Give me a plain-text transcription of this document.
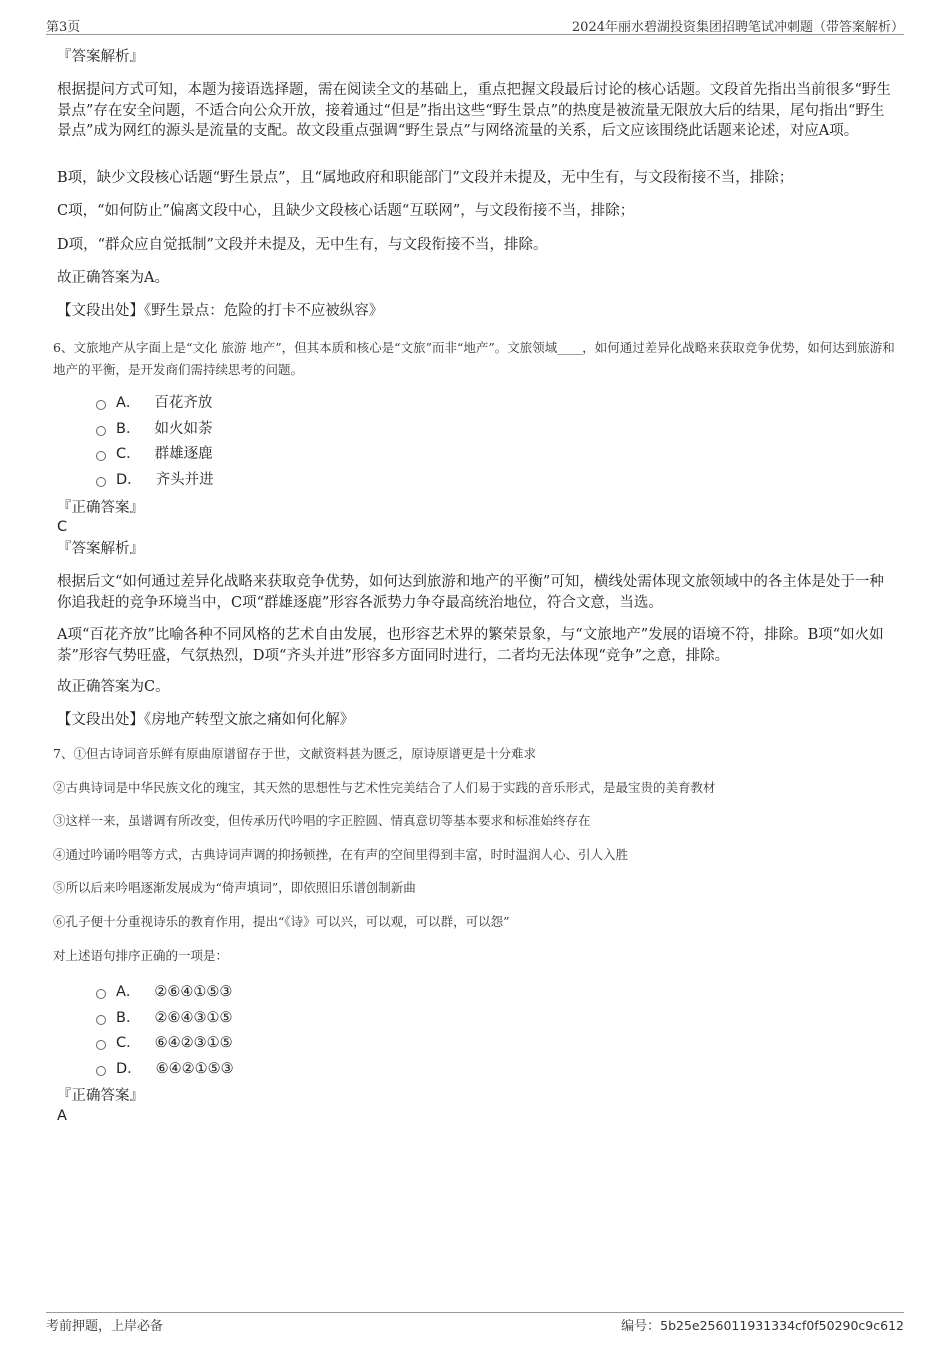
第3页	2024年丽水碧湖投资集团招聘笔试冲刺题（带答案解析）
『答案解析』
根据提问方式可知，本题为接语选择题，需在阅读全文的基础上，重点把握文段最后讨论的核心话题。文段首先指出当前很多“野生景点”存在安全问题，不适合向公众开放，接着通过“但是”指出这些“野生景点”的热度是被流量无限放大后的结果，尾句指出“野生景点”成为网红的源头是流量的支配。故文段重点强调“野生景点”与网络流量的关系，后文应该围绕此话题来论述，对应A项。
B项，缺少文段核心话题“野生景点”，且“属地政府和职能部门”文段并未提及，无中生有，与文段衔接不当，排除；
C项，“如何防止”偏离文段中心，且缺少文段核心话题“互联网”，与文段衔接不当，排除；
D项，“群众应自觉抵制”文段并未提及，无中生有，与文段衔接不当，排除。
故正确答案为A。
【文段出处】《野生景点：危险的打卡不应被纵容》
6、文旅地产从字面上是“文化 旅游 地产”，但其本质和核心是“文旅”而非“地产”。文旅领域____，如何通过差异化战略来获取竞争优势，如何达到旅游和地产的平衡，是开发商们需持续思考的问题。
A． 百花齐放
B． 如火如荼
C． 群雄逐鹿
D． 齐头并进
『正确答案』
C
『答案解析』
根据后文“如何通过差异化战略来获取竞争优势，如何达到旅游和地产的平衡”可知，横线处需体现文旅领域中的各主体是处于一种你追我赶的竞争环境当中，C项“群雄逐鹿”形容各派势力争夺最高统治地位，符合文意，当选。
A项“百花齐放”比喻各种不同风格的艺术自由发展，也形容艺术界的繁荣景象，与“文旅地产”发展的语境不符，排除。B项“如火如荼”形容气势旺盛，气氛热烈，D项“齐头并进”形容多方面同时进行，二者均无法体现“竞争”之意，排除。
故正确答案为C。
【文段出处】《房地产转型文旅之痛如何化解》
7、①但古诗词音乐鲜有原曲原谱留存于世，文献资料甚为匮乏，原诗原谱更是十分难求
②古典诗词是中华民族文化的瑰宝，其天然的思想性与艺术性完美结合了人们易于实践的音乐形式，是最宝贵的美育教材
③这样一来，虽谱调有所改变，但传承历代吟唱的字正腔圆、情真意切等基本要求和标准始终存在
④通过吟诵吟唱等方式，古典诗词声调的抑扬顿挫，在有声的空间里得到丰富，时时温润人心、引人入胜
⑤所以后来吟唱逐渐发展成为“倚声填词”，即依照旧乐谱创制新曲
⑥孔子便十分重视诗乐的教育作用，提出“《诗》可以兴，可以观，可以群，可以怨”
对上述语句排序正确的一项是：
A． ②⑥④①⑤③
B． ②⑥④③①⑤
C． ⑥④②③①⑤
D． ⑥④②①⑤③
『正确答案』
A
考前押题，上岸必备	编号：5b25e256011931334cf0f50290c9c612
